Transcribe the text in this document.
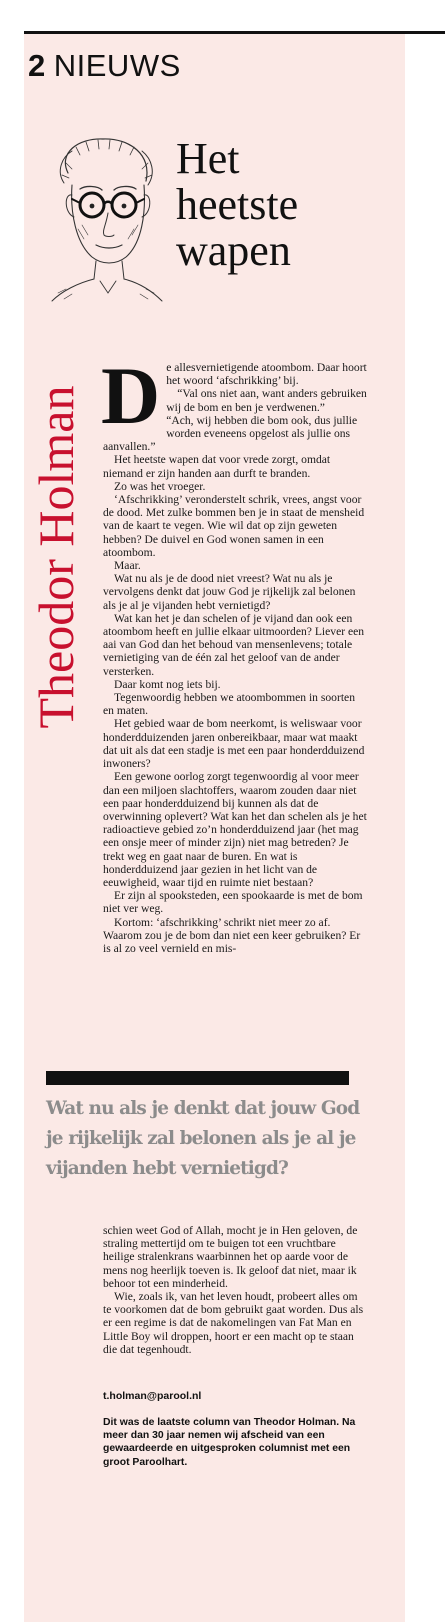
2 NIEUWS
Het
heetste
wapen
Theodor Holman De allesvernietigende atoombom. Daar hoort het woord ‘afschrikking’ bij.

“Val ons niet aan, want anders gebruiken wij de bom en ben je verdwenen.”

“Ach, wij hebben die bom ook, dus jullie worden eveneens opgelost als jullie ons aanvallen.”

Het heetste wapen dat voor vrede zorgt, omdat niemand er zijn handen aan durft te branden.

Zo was het vroeger.

‘Afschrikking’ veronderstelt schrik, vrees, angst voor de dood. Met zulke bommen ben je in staat de mensheid van de kaart te vegen. Wie wil dat op zijn geweten hebben? De duivel en God wonen samen in een atoombom.

Maar.

Wat nu als je de dood niet vreest? Wat nu als je vervolgens denkt dat jouw God je rijkelijk zal belonen als je al je vijanden hebt vernietigd?

Wat kan het je dan schelen of je vijand dan ook een atoombom heeft en jullie elkaar uitmoorden? Liever een aai van God dan het behoud van mensenlevens; totale vernietiging van de één zal het geloof van de ander versterken.

Daar komt nog iets bij.

Tegenwoordig hebben we atoombommen in soorten en maten.

Het gebied waar de bom neerkomt, is weliswaar voor honderdduizenden jaren onbereikbaar, maar wat maakt dat uit als dat een stadje is met een paar honderdduizend inwoners?

Een gewone oorlog zorgt tegenwoordig al voor meer dan een miljoen slachtoffers, waarom zouden daar niet een paar honderdduizend bij kunnen als dat de overwinning oplevert? Wat kan het dan schelen als je het radioactieve gebied zo’n honderdduizend jaar (het mag een onsje meer of minder zijn) niet mag betreden? Je trekt weg en gaat naar de buren. En wat is honderdduizend jaar gezien in het licht van de eeuwigheid, waar tijd en ruimte niet bestaan?

Er zijn al spooksteden, een spookaarde is met de bom niet ver weg.

Kortom: ‘afschrikking’ schrikt niet meer zo af. Waarom zou je de bom dan niet een keer gebruiken? Er is al zo veel vernield en mis-

Wat nu als je denkt dat jouw God je rijkelijk zal belonen als je al je vijanden hebt vernietigd?

schien weet God of Allah, mocht je in Hen geloven, de straling mettertijd om te buigen tot een vruchtbare heilige stralenkrans waarbinnen het op aarde voor de mens nog heerlijk toeven is. Ik geloof dat niet, maar ik behoor tot een minderheid.

Wie, zoals ik, van het leven houdt, probeert alles om te voorkomen dat de bom gebruikt gaat worden. Dus als er een regime is dat de nakomelingen van Fat Man en Little Boy wil droppen, hoort er een macht op te staan die dat tegenhoudt.

t.holman@parool.nl
Dit was de laatste column van Theodor Holman. Na meer dan 30 jaar nemen wij afscheid van een gewaardeerde en uitgesproken columnist met een groot Paroolhart.
